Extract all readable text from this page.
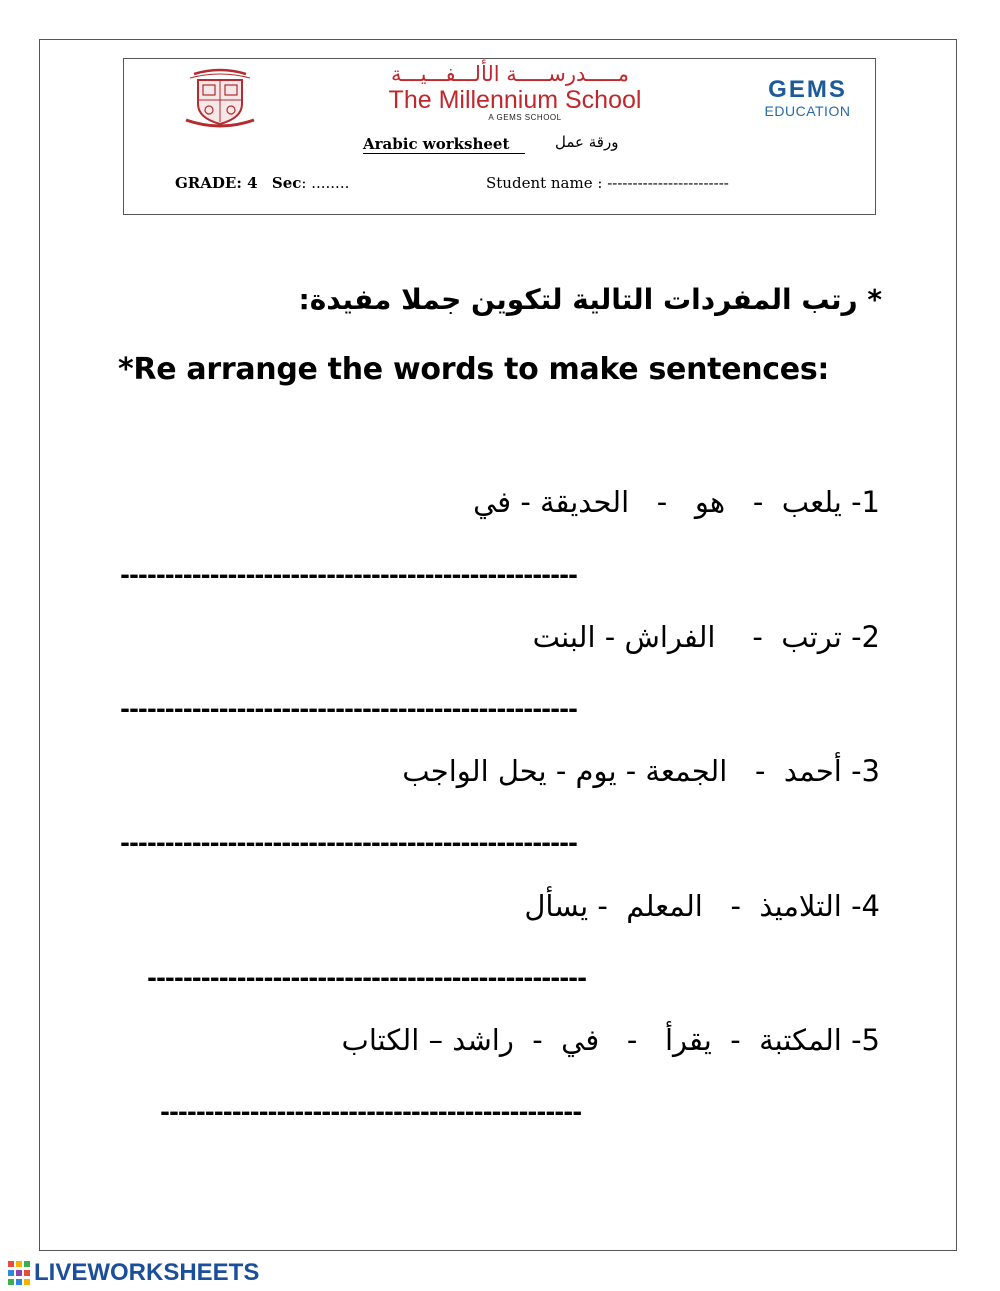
مـــــدرســـــة الألـــفـــيـــة
The Millennium School
A GEMS SCHOOL
GEMS
EDUCATION
Arabic worksheet	ورقة عمل
GRADE: 4 Sec: ........	Student name : ------------------------
* رتب المفردات التالية لتكوين جملا مفيدة:
*Re arrange the words to make sentences:
1- يلعب  -   هو   -   الحديقة - في
---------------------------------------------------
2- ترتب  -    الفراش - البنت
---------------------------------------------------
3- أحمد  -   الجمعة - يوم - يحل الواجب
---------------------------------------------------
4- التلاميذ  -   المعلم  - يسأل
-------------------------------------------------
5- المكتبة  -  يقرأ   -   في  -  راشد – الكتاب
-----------------------------------------------
LIVEWORKSHEETS
